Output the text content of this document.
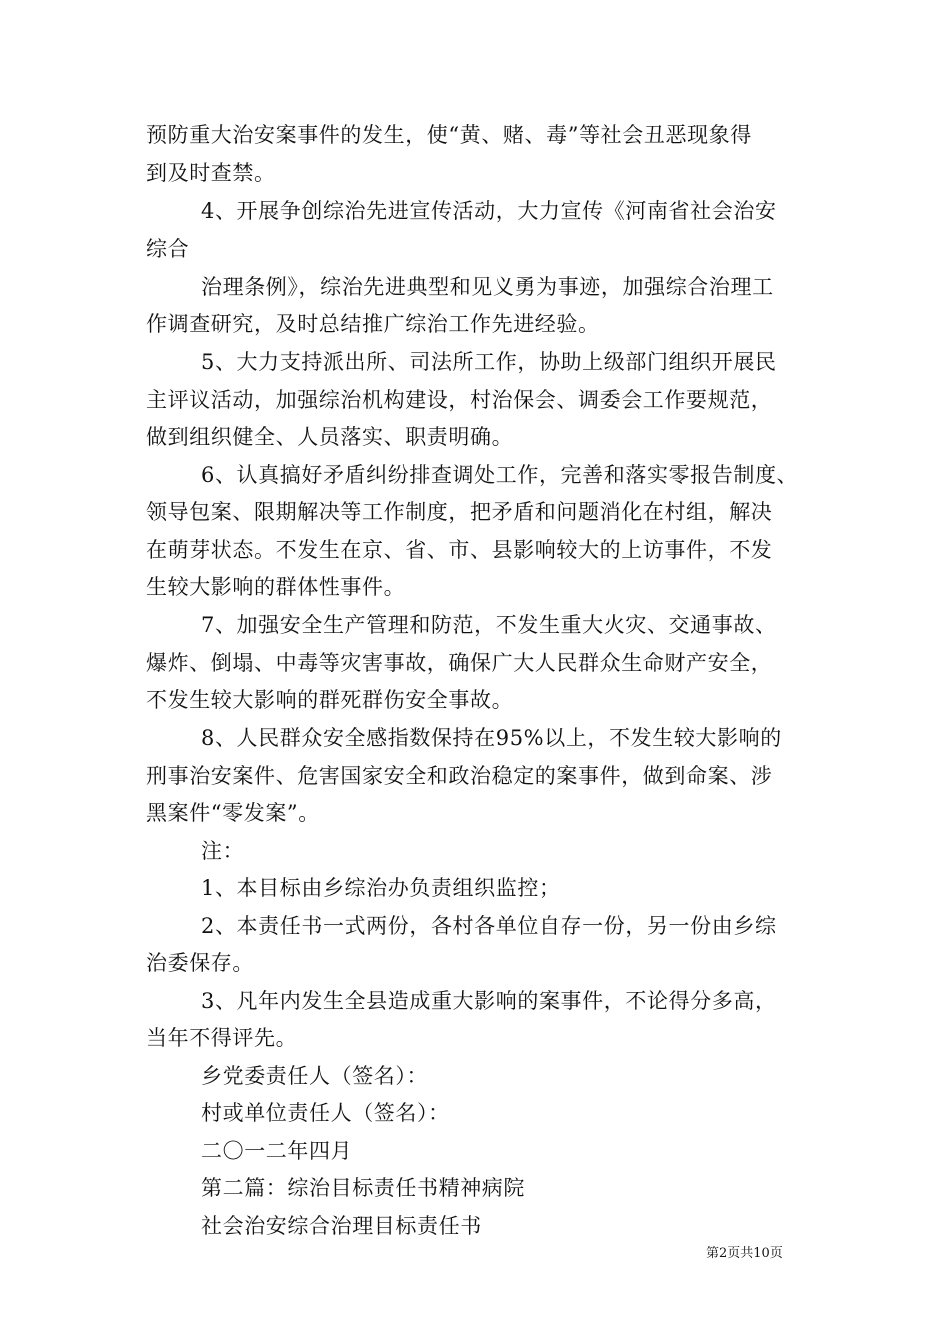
预防重大治安案事件的发生，使“黄、赌、毒”等社会丑恶现象得
到及时查禁。
4、开展争创综治先进宣传活动，大力宣传《河南省社会治安
综合
治理条例》，综治先进典型和见义勇为事迹，加强综合治理工
作调查研究，及时总结推广综治工作先进经验。
5、大力支持派出所、司法所工作，协助上级部门组织开展民
主评议活动，加强综治机构建设，村治保会、调委会工作要规范，
做到组织健全、人员落实、职责明确。
6、认真搞好矛盾纠纷排查调处工作，完善和落实零报告制度、
领导包案、限期解决等工作制度，把矛盾和问题消化在村组，解决
在萌芽状态。不发生在京、省、市、县影响较大的上访事件，不发
生较大影响的群体性事件。
7、加强安全生产管理和防范，不发生重大火灾、交通事故、
爆炸、倒塌、中毒等灾害事故，确保广大人民群众生命财产安全，
不发生较大影响的群死群伤安全事故。
8、人民群众安全感指数保持在95%以上，不发生较大影响的
刑事治安案件、危害国家安全和政治稳定的案事件，做到命案、涉
黑案件“零发案”。
注：
1、本目标由乡综治办负责组织监控；
2、本责任书一式两份，各村各单位自存一份，另一份由乡综
治委保存。
3、凡年内发生全县造成重大影响的案事件，不论得分多高，
当年不得评先。
乡党委责任人（签名）：
村或单位责任人（签名）：
二〇一二年四月
第二篇：综治目标责任书精神病院
社会治安综合治理目标责任书
第2页共10页
